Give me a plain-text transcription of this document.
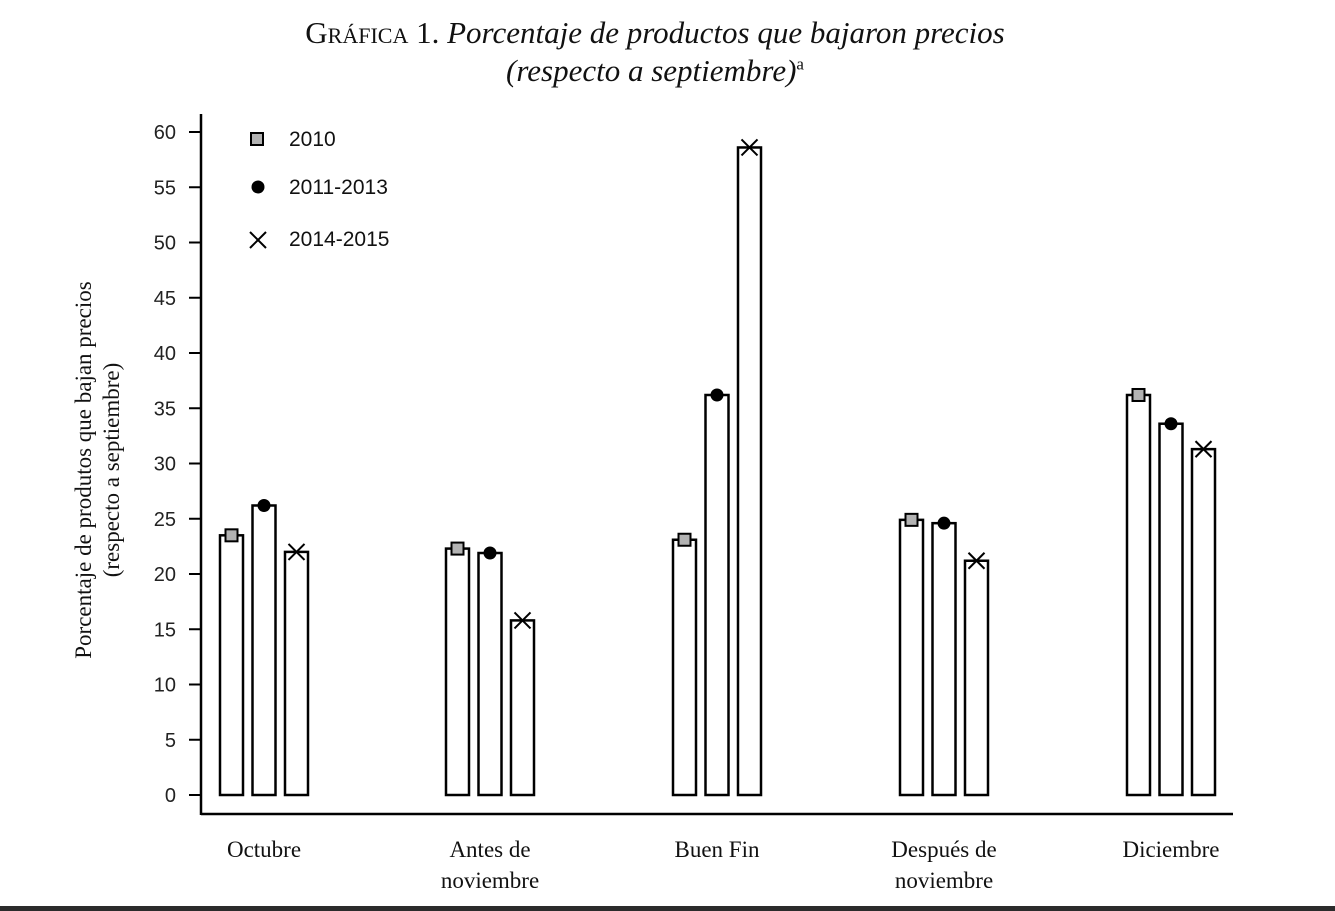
Gráfica 1. Porcentaje de productos que bajaron precios
(respecto a septiembre)$^a$
0
5
10
15
20
25
30
35
40
45
50
55
60
Porcentaje de produtos que bajan precios (respecto a septiembre)
Octubre	Antes de
noviembre
Buen Fin	Después de
noviembre
Diciembre
2010
2011-2013
2014-2015
